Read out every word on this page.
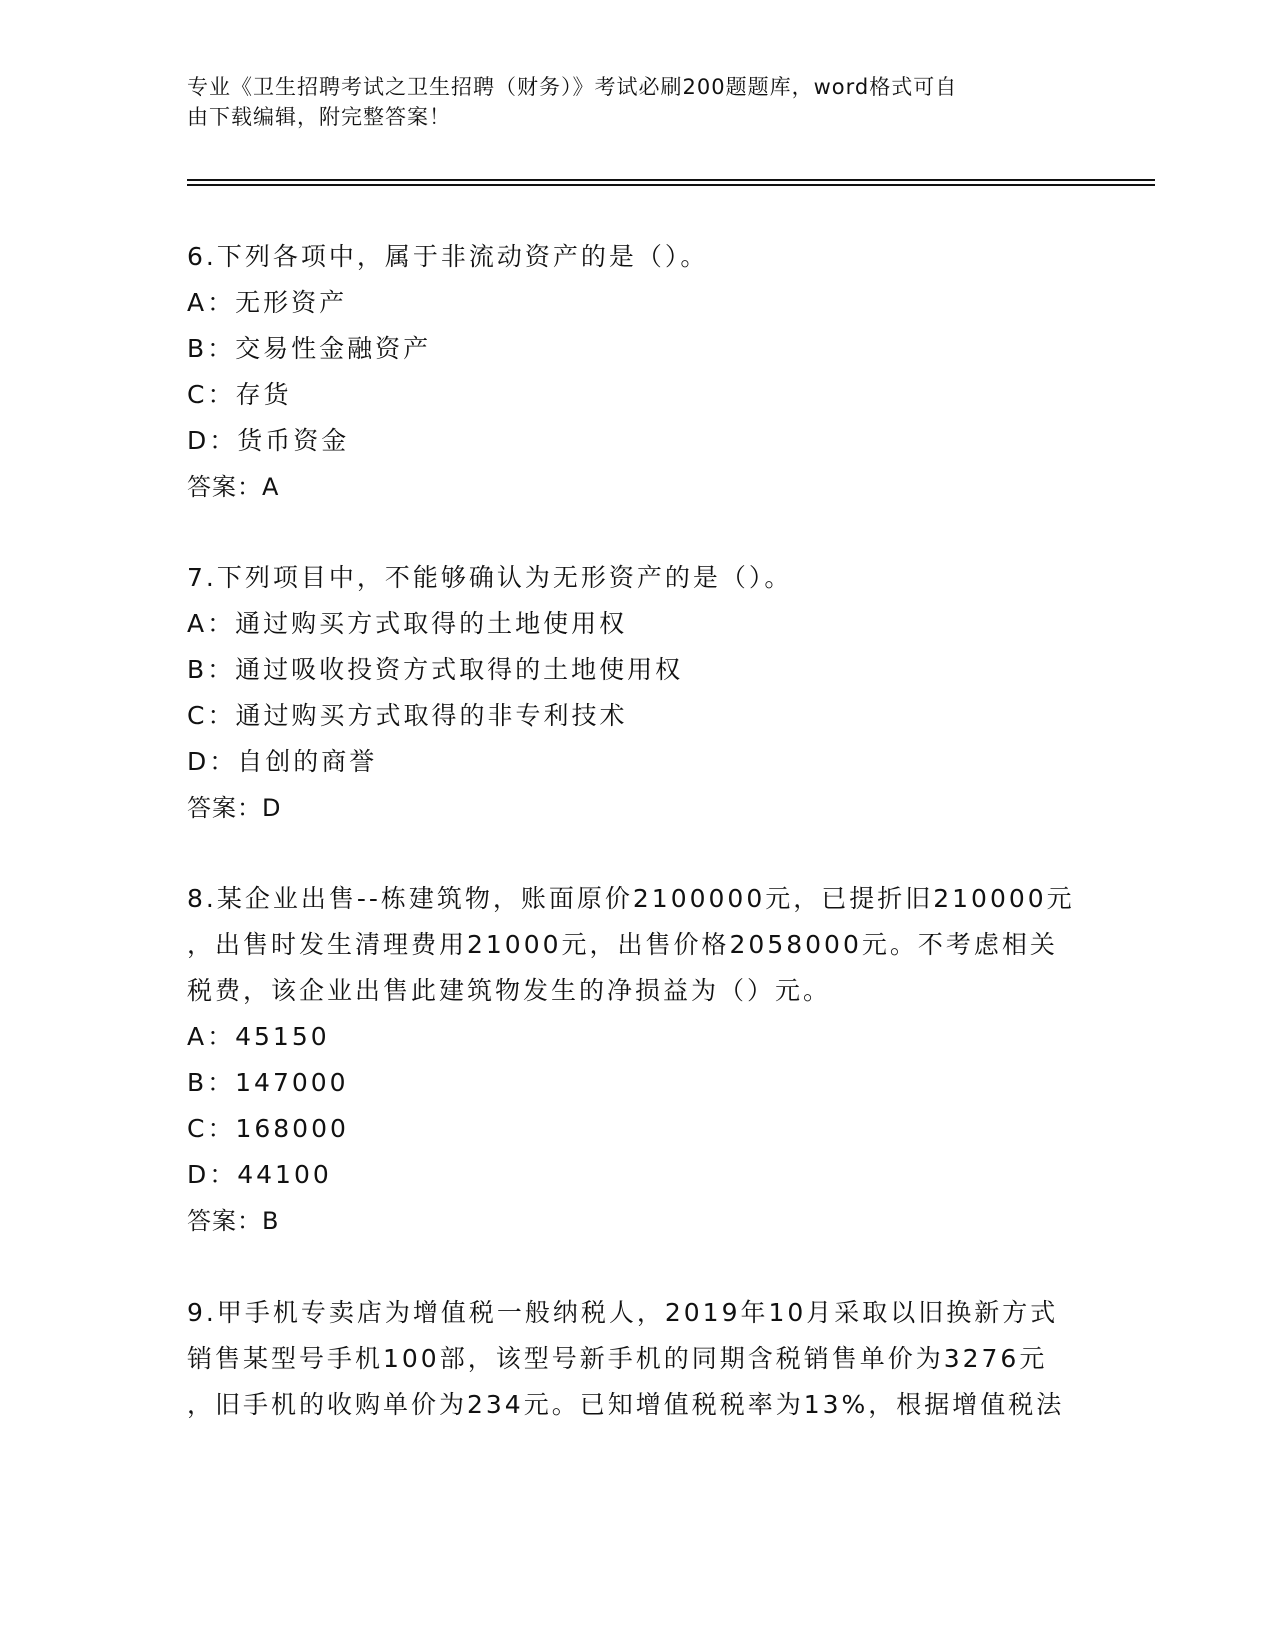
专业《卫生招聘考试之卫生招聘（财务）》考试必刷200题题库，word格式可自
由下载编辑，附完整答案！
6.下列各项中，属于非流动资产的是（）。
A：无形资产
B：交易性金融资产
C：存货
D：货币资金
答案：A
7.下列项目中，不能够确认为无形资产的是（）。
A：通过购买方式取得的土地使用权
B：通过吸收投资方式取得的土地使用权
C：通过购买方式取得的非专利技术
D：自创的商誉
答案：D
8.某企业出售--栋建筑物，账面原价2100000元，已提折旧210000元
，出售时发生清理费用21000元，出售价格2058000元。不考虑相关
税费，该企业出售此建筑物发生的净损益为（）元。
A：45150
B：147000
C：168000
D：44100
答案：B
9.甲手机专卖店为增值税一般纳税人，2019年10月采取以旧换新方式
销售某型号手机100部，该型号新手机的同期含税销售单价为3276元
，旧手机的收购单价为234元。已知增值税税率为13%，根据增值税法
